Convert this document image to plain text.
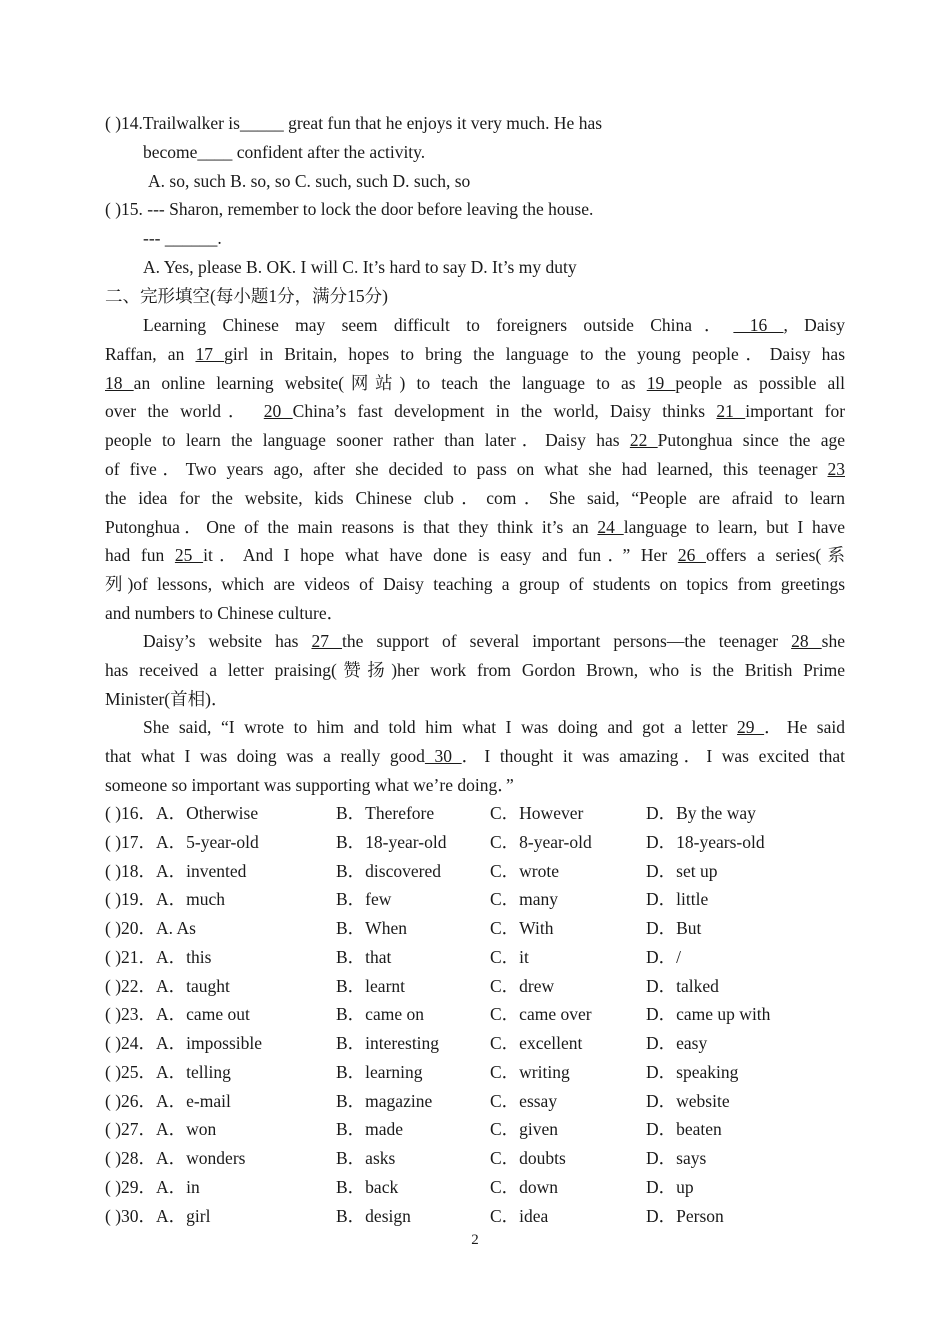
( )14.Trailwalker is_____ great fun that he enjoys it very much. He has
become____ confident after the activity.
A. so, such B. so, so C. such, such D. such, so
( )15. --- Sharon, remember to lock the door before leaving the house.
--- ______.
A. Yes, please B. OK. I will C. It’s hard to say D. It’s my duty
二、完形填空(每小题1分，满分15分)
Learning Chinese may seem difficult to foreigners outside China． 16 , Daisy
Raffan, an 17 girl in Britain, hopes to bring the language to the young people．Daisy has
18 an online learning website(网站) to teach the language to as 19 people as possible all
over the world． 20 China’s fast development in the world, Daisy thinks 21 important for
people to learn the language sooner rather than later．Daisy has 22 Putonghua since the age
of five．Two years ago, after she decided to pass on what she had learned, this teenager 23
the idea for the website, kids Chinese club．com．She said, “People are afraid to learn
Putonghua．One of the main reasons is that they think it’s an 24 language to learn, but I have
had fun 25 it．And I hope what have done is easy and fun．” Her 26 offers a series(系
列)of lessons, which are videos of Daisy teaching a group of students on topics from greetings
and numbers to Chinese culture．
Daisy’s website has 27 the support of several important persons—the teenager 28 she
has received a letter praising(赞扬)her work from Gordon Brown, who is the British Prime
Minister(首相)．
She said, “I wrote to him and told him what I was doing and got a letter 29 ．He said
that what I was doing was a really good 30 ．I thought it was amazing．I was excited that
someone so important was supporting what we’re doing．”
( )16．A．Otherwise	B．Therefore	C．However	D．By the way
( )17．A．5-year-old	B．18-year-old C．8-year-old	D．18-years-old
( )18．A．invented	B．discovered	C．wrote	D．set up
( )19．A．much	B．few	C．many	D．little
( )20．A. As	B．When	C．With	D．But
( )21．A．this	B．that	C．it	D．/
( )22．A．taught	B．learnt	C．drew	D．talked
( )23．A．came out	B．came on	C．came over	D．came up with
( )24．A．impossible	B．interesting	C．excellent	D．easy
( )25．A．telling	B．learning	C．writing	D．speaking
( )26．A．e-mail	B．magazine	C．essay	D．website
( )27．A．won	B．made	C．given	D．beaten
( )28．A．wonders	B．asks	C．doubts	D．says
( )29．A．in	B．back	C．down	D．up
( )30．A．girl	B．design	C．idea	D．Person
2
